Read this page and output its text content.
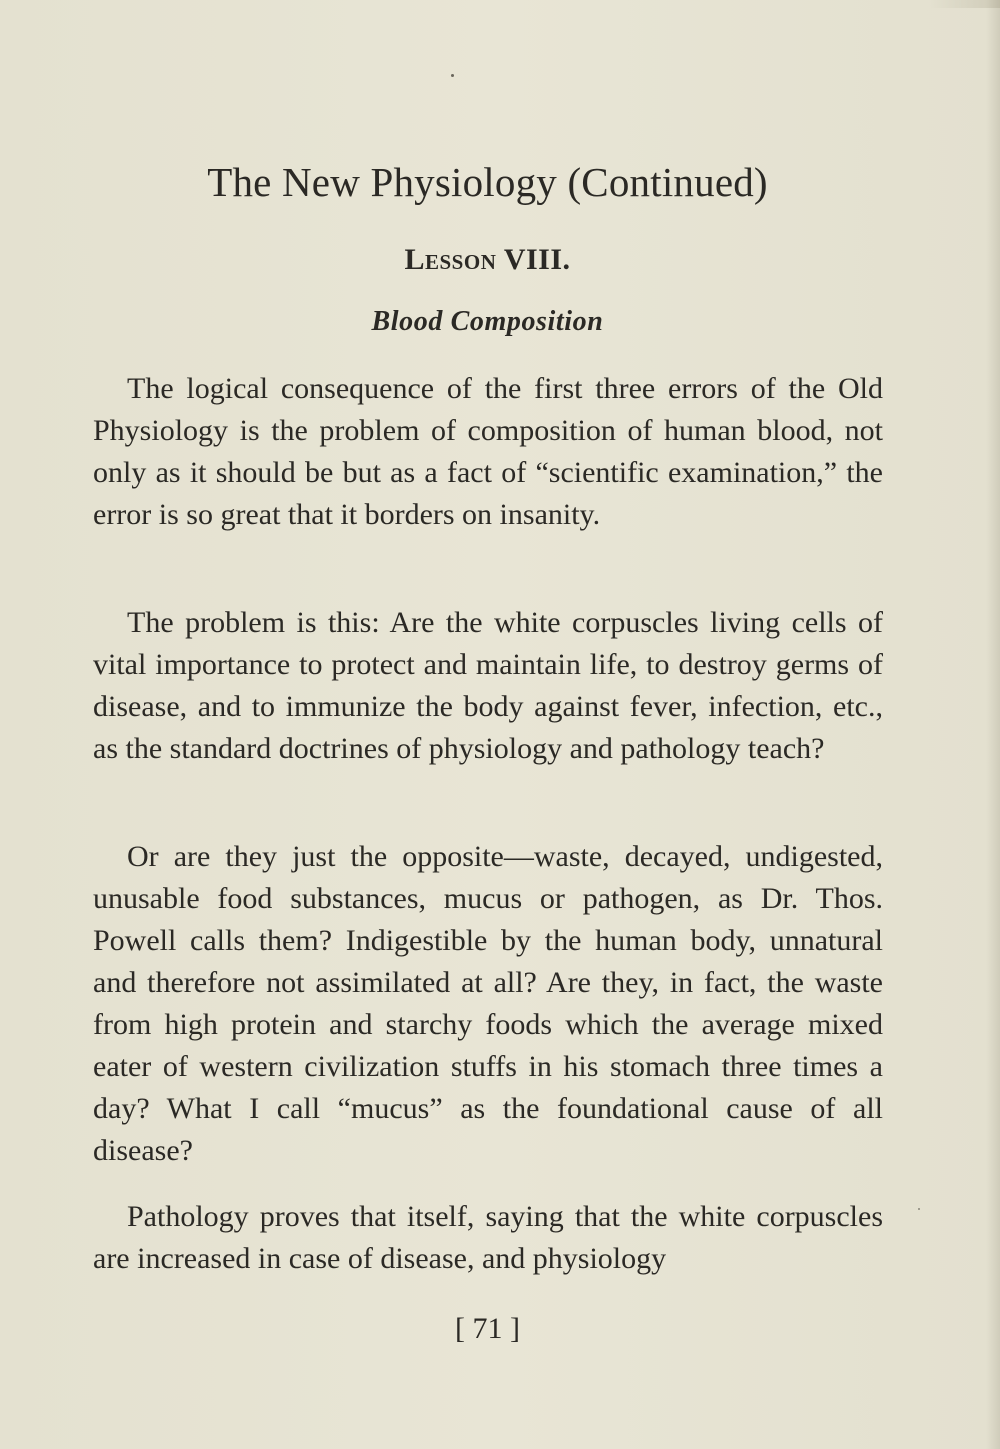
The New Physiology (Continued)
Lesson VIII.
Blood Composition

The logical consequence of the first three errors of the Old Physiology is the problem of composition of human blood, not only as it should be but as a fact of “scientific examination,” the error is so great that it borders on insanity.

The problem is this: Are the white corpuscles living cells of vital importance to protect and maintain life, to destroy germs of disease, and to immunize the body against fever, infection, etc., as the standard doctrines of physiology and pathology teach?

Or are they just the opposite—waste, decayed, undigested, unusable food substances, mucus or pathogen, as Dr. Thos. Powell calls them? Indigestible by the human body, unnatural and therefore not assimilated at all? Are they, in fact, the waste from high protein and starchy foods which the average mixed eater of western civilization stuffs in his stomach three times a day? What I call “mucus” as the foundational cause of all disease?

Pathology proves that itself, saying that the white corpuscles are increased in case of disease, and physiology

[ 71 ]
